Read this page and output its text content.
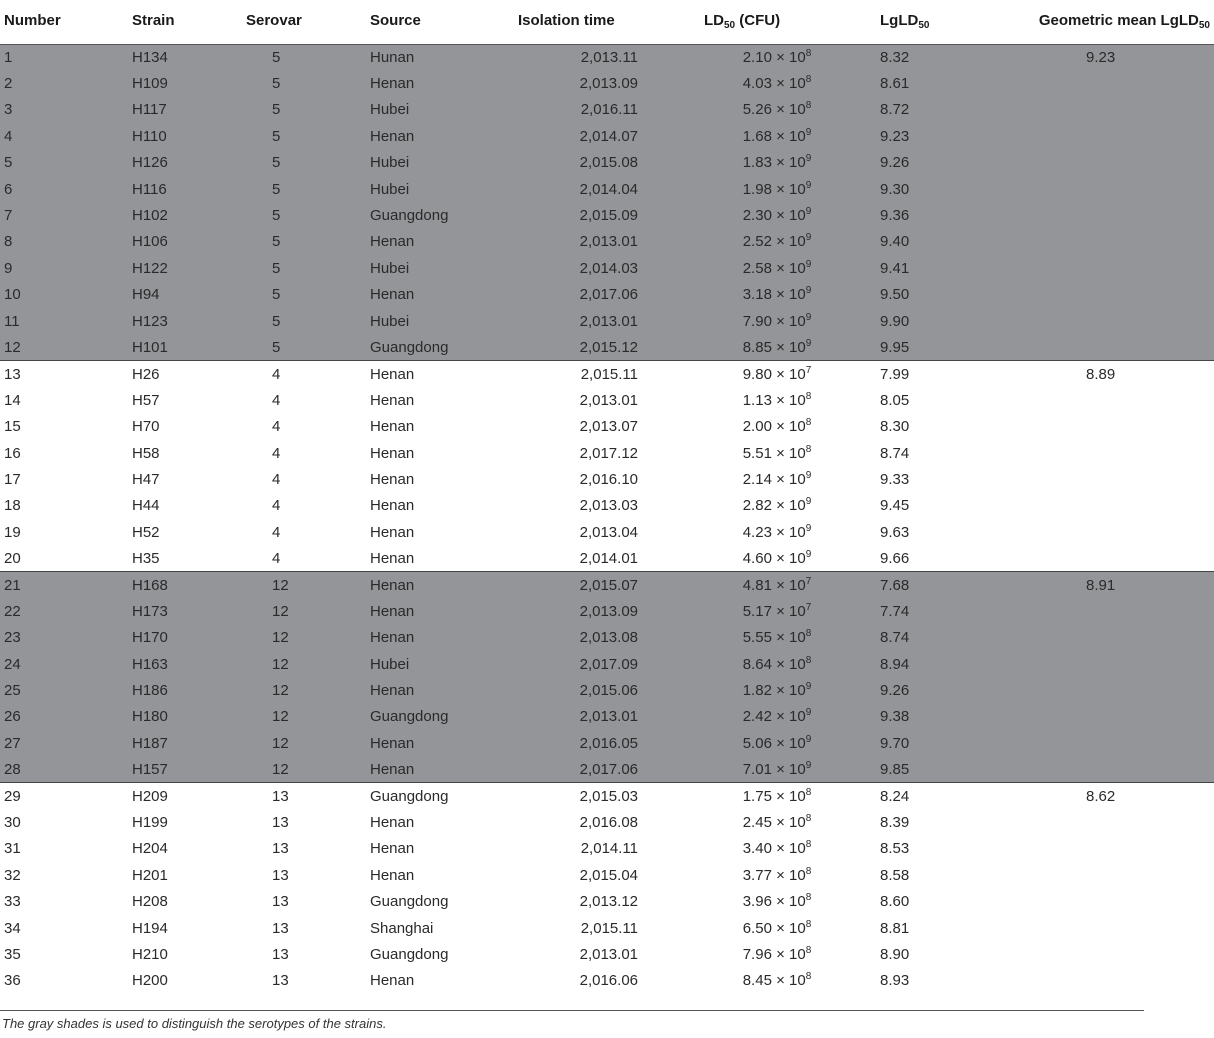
Number	Strain	Serovar	Source	Isolation time	$LD_{50}$ (CFU)	LgLD$_{50}$	Geometric mean LgLD$_{50}$
1	H134	5	Hunan	2,013.11	$2.10 \times 10^8$	8.32	9.23
2	H109	5	Henan	2,013.09	$4.03 \times 10^8$	8.61	
3	H117	5	Hubei	2,016.11	$5.26 \times 10^8$	8.72	
4	H110	5	Henan	2,014.07	$1.68 \times 10^9$	9.23	
5	H126	5	Hubei	2,015.08	$1.83 \times 10^9$	9.26	
6	H116	5	Hubei	2,014.04	$1.98 \times 10^9$	9.30	
7	H102	5	Guangdong	2,015.09	$2.30 \times 10^9$	9.36	
8	H106	5	Henan	2,013.01	$2.52 \times 10^9$	9.40	
9	H122	5	Hubei	2,014.03	$2.58 \times 10^9$	9.41	
10	H94	5	Henan	2,017.06	$3.18 \times 10^9$	9.50	
11	H123	5	Hubei	2,013.01	$7.90 \times 10^9$	9.90	
12	H101	5	Guangdong	2,015.12	$8.85 \times 10^9$	9.95	
13	H26	4	Henan	2,015.11	$9.80 \times 10^7$	7.99	8.89
14	H57	4	Henan	2,013.01	$1.13 \times 10^8$	8.05	
15	H70	4	Henan	2,013.07	$2.00 \times 10^8$	8.30	
16	H58	4	Henan	2,017.12	$5.51 \times 10^8$	8.74	
17	H47	4	Henan	2,016.10	$2.14 \times 10^9$	9.33	
18	H44	4	Henan	2,013.03	$2.82 \times 10^9$	9.45	
19	H52	4	Henan	2,013.04	$4.23 \times 10^9$	9.63	
20	H35	4	Henan	2,014.01	$4.60 \times 10^9$	9.66	
21	H168	12	Henan	2,015.07	$4.81 \times 10^7$	7.68	8.91
22	H173	12	Henan	2,013.09	$5.17 \times 10^7$	7.74	
23	H170	12	Henan	2,013.08	$5.55 \times 10^8$	8.74	
24	H163	12	Hubei	2,017.09	$8.64 \times 10^8$	8.94	
25	H186	12	Henan	2,015.06	$1.82 \times 10^9$	9.26	
26	H180	12	Guangdong	2,013.01	$2.42 \times 10^9$	9.38	
27	H187	12	Henan	2,016.05	$5.06 \times 10^9$	9.70	
28	H157	12	Henan	2,017.06	$7.01 \times 10^9$	9.85	
29	H209	13	Guangdong	2,015.03	$1.75 \times 10^8$	8.24	8.62
30	H199	13	Henan	2,016.08	$2.45 \times 10^8$	8.39	
31	H204	13	Henan	2,014.11	$3.40 \times 10^8$	8.53	
32	H201	13	Henan	2,015.04	$3.77 \times 10^8$	8.58	
33	H208	13	Guangdong	2,013.12	$3.96 \times 10^8$	8.60	
34	H194	13	Shanghai	2,015.11	$6.50 \times 10^8$	8.81	
35	H210	13	Guangdong	2,013.01	$7.96 \times 10^8$	8.90	
36	H200	13	Henan	2,016.06	$8.45 \times 10^8$	8.93	
The gray shades is used to distinguish the serotypes of the strains.
